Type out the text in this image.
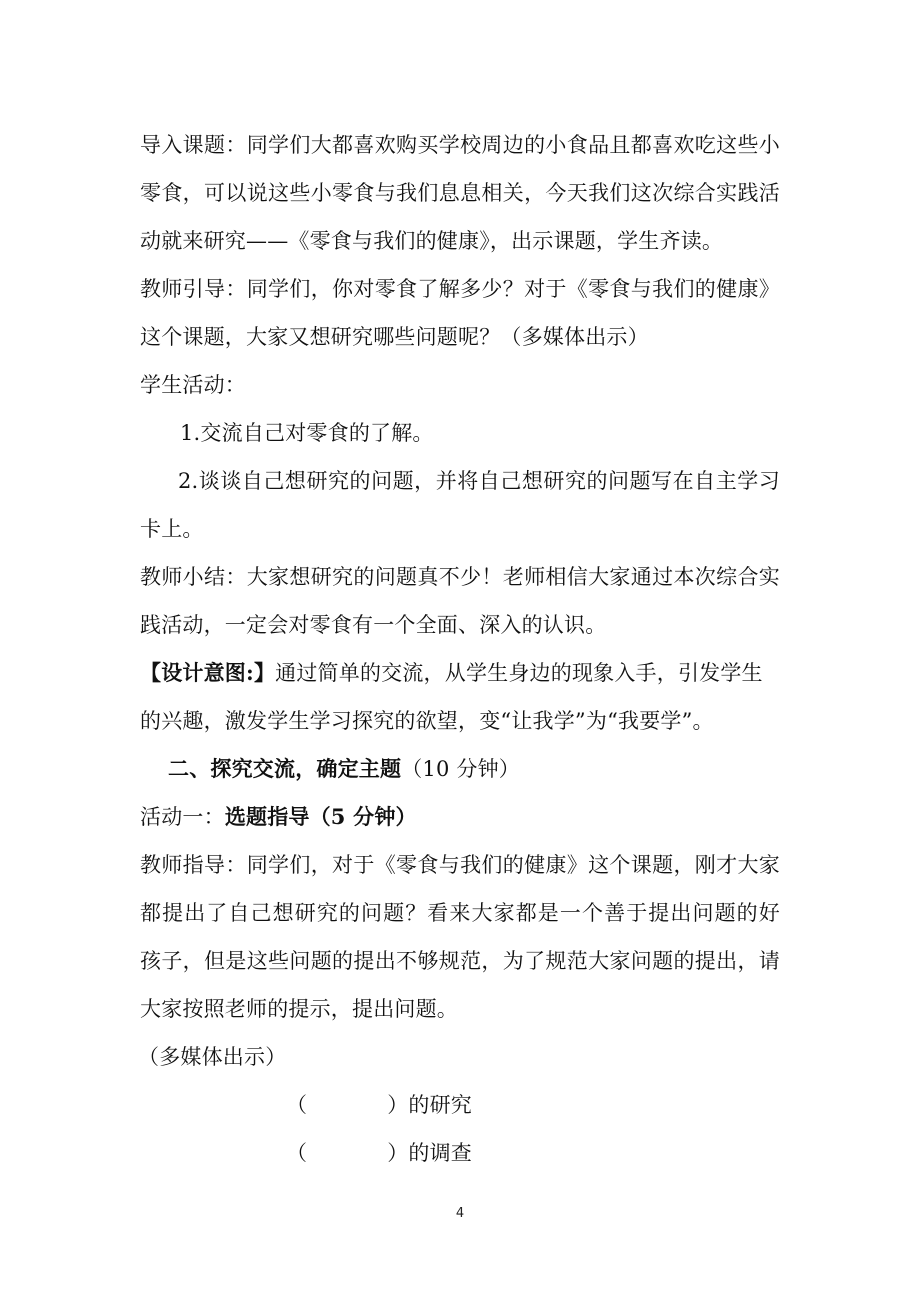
导入课题：同学们大都喜欢购买学校周边的小食品且都喜欢吃这些小

零食，可以说这些小零食与我们息息相关，今天我们这次综合实践活

动就来研究——《零食与我们的健康》，出示课题，学生齐读。

教师引导：同学们，你对零食了解多少？对于《零食与我们的健康》

这个课题，大家又想研究哪些问题呢？（多媒体出示）

学生活动：

1.交流自己对零食的了解。

2.谈谈自己想研究的问题，并将自己想研究的问题写在自主学习

卡上。

教师小结：大家想研究的问题真不少！老师相信大家通过本次综合实

践活动，一定会对零食有一个全面、深入的认识。

【设计意图:】通过简单的交流，从学生身边的现象入手，引发学生

的兴趣，激发学生学习探究的欲望，变“让我学”为“我要学”。

二、探究交流，确定主题（10 分钟）

活动一：选题指导（5 分钟）

教师指导：同学们，对于《零食与我们的健康》这个课题，刚才大家

都提出了自己想研究的问题？看来大家都是一个善于提出问题的好

孩子，但是这些问题的提出不够规范，为了规范大家问题的提出，请

大家按照老师的提示，提出问题。

（多媒体出示）

（	）的研究

（	）的调查

4
